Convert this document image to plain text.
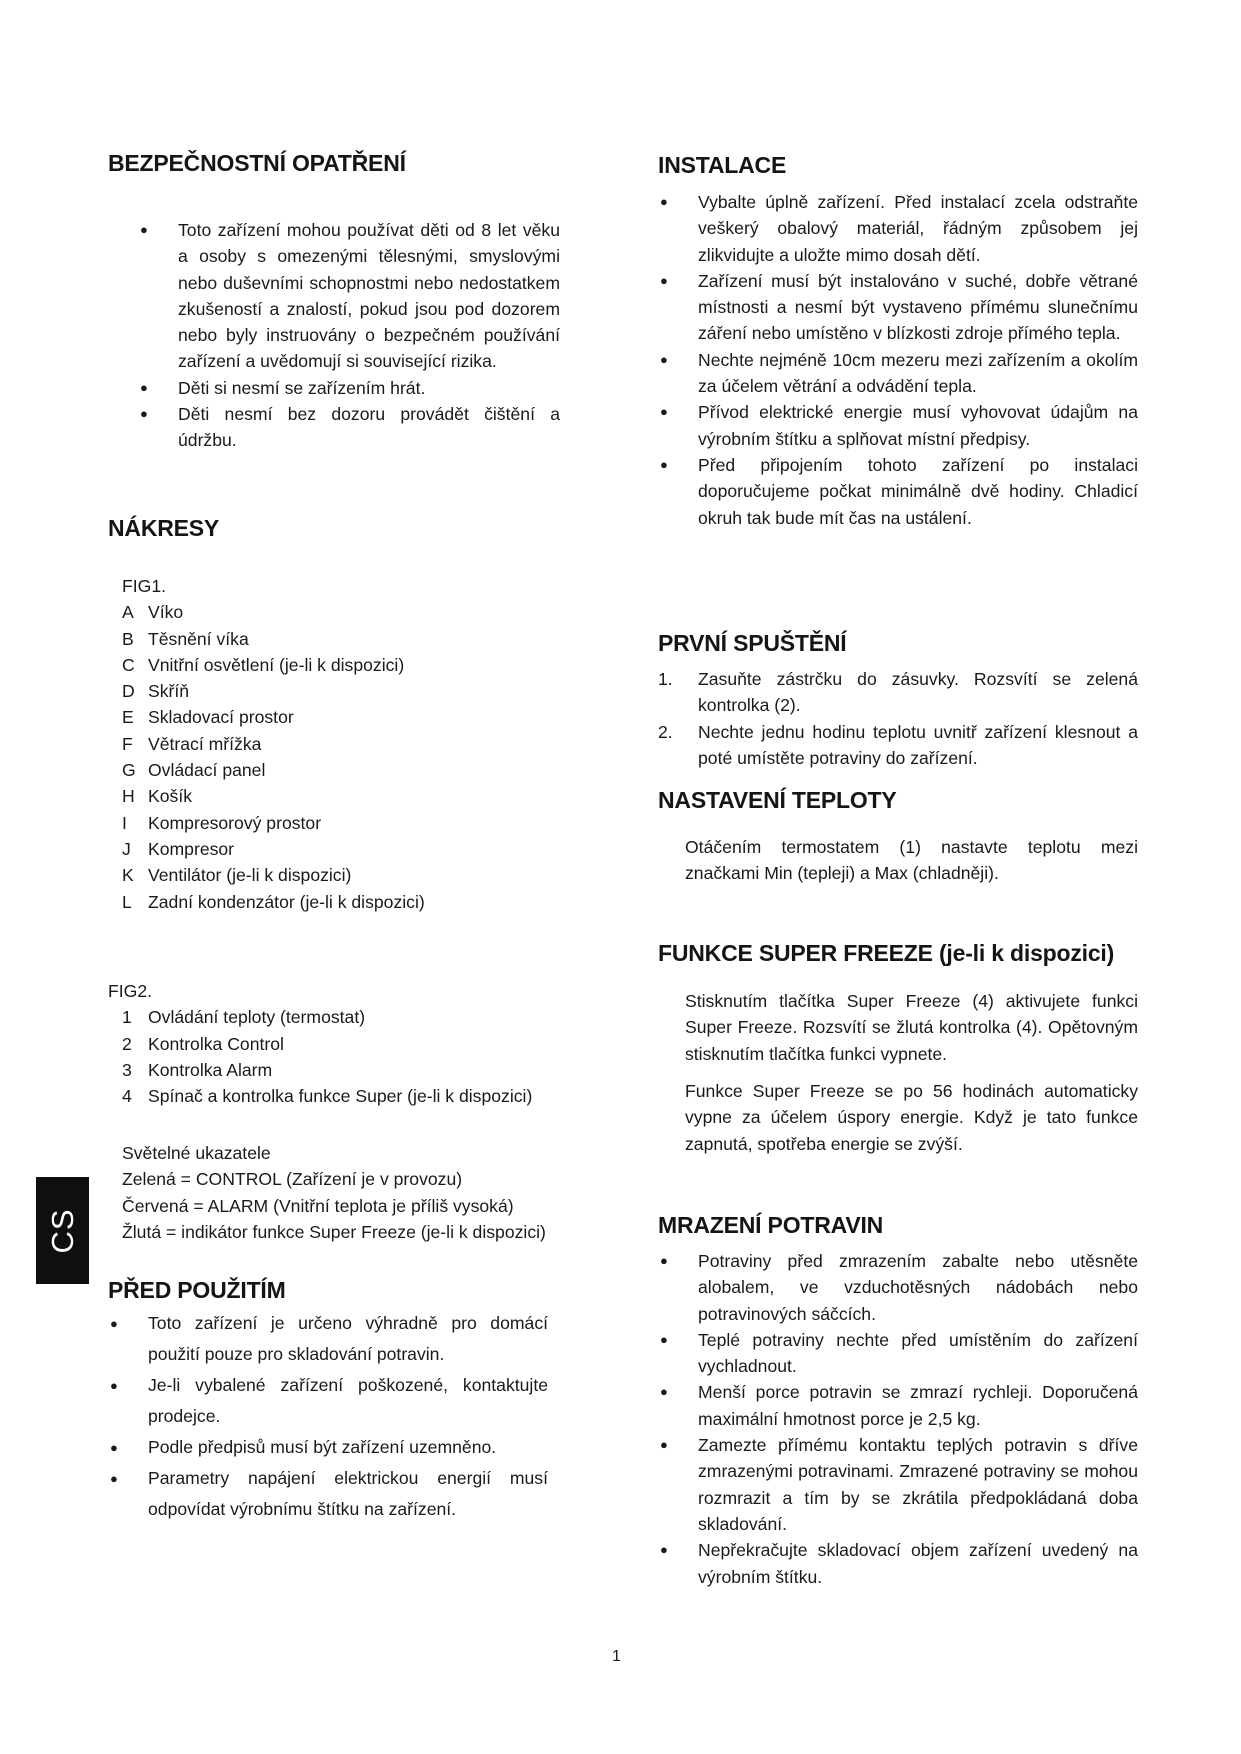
BEZPEČNOSTNÍ OPATŘENÍ
● Toto zařízení mohou používat děti od 8 let věku a osoby s omezenými tělesnými, smyslovými nebo duševními schopnostmi nebo nedostatkem zkušeností a znalostí, pokud jsou pod dozorem nebo byly instruovány o bezpečném používání zařízení a uvědomují si související rizika.
● Děti si nesmí se zařízením hrát.
● Děti nesmí bez dozoru provádět čištění a údržbu.
NÁKRESY

FIG1.

A Víko
B Těsnění víka
C Vnitřní osvětlení (je-li k dispozici)
D Skříň
E Skladovací prostor
F Větrací mřížka
G Ovládací panel
H Košík
I Kompresorový prostor
J Kompresor
K Ventilátor (je-li k dispozici)
L Zadní kondenzátor (je-li k dispozici)

FIG2.

1 Ovládání teploty (termostat)
2 Kontrolka Control
3 Kontrolka Alarm
4 Spínač a kontrolka funkce Super (je-li k dispozici)

Světelné ukazatele

Zelená = CONTROL (Zařízení je v provozu)

Červená = ALARM (Vnitřní teplota je příliš vysoká)

Žlutá = indikátor funkce Super Freeze (je-li k dispozici)

PŘED POUŽITÍM
● Toto zařízení je určeno výhradně pro domácí použití pouze pro skladování potravin.
● Je-li vybalené zařízení poškozené, kontaktujte prodejce.
● Podle předpisů musí být zařízení uzemněno.
● Parametry napájení elektrickou energií musí odpovídat výrobnímu štítku na zařízení.
INSTALACE
● Vybalte úplně zařízení. Před instalací zcela odstraňte veškerý obalový materiál, řádným způsobem jej zlikvidujte a uložte mimo dosah dětí.
● Zařízení musí být instalováno v suché, dobře větrané místnosti a nesmí být vystaveno přímému slunečnímu záření nebo umístěno v blízkosti zdroje přímého tepla.
● Nechte nejméně 10cm mezeru mezi zařízením a okolím za účelem větrání a odvádění tepla.
● Přívod elektrické energie musí vyhovovat údajům na výrobním štítku a splňovat místní předpisy.
● Před připojením tohoto zařízení po instalaci doporučujeme počkat minimálně dvě hodiny. Chladicí okruh tak bude mít čas na ustálení.
PRVNÍ SPUŠTĚNÍ
1. Zasuňte zástrčku do zásuvky. Rozsvítí se zelená kontrolka (2).
2. Nechte jednu hodinu teplotu uvnitř zařízení klesnout a poté umístěte potraviny do zařízení.
NASTAVENÍ TEPLOTY
Otáčením termostatem (1) nastavte teplotu mezi značkami Min (tepleji) a Max (chladněji).
FUNKCE SUPER FREEZE (je-li k dispozici)
Stisknutím tlačítka Super Freeze (4) aktivujete funkci Super Freeze. Rozsvítí se žlutá kontrolka (4). Opětovným stisknutím tlačítka funkci vypnete.
Funkce Super Freeze se po 56 hodinách automaticky vypne za účelem úspory energie. Když je tato funkce zapnutá, spotřeba energie se zvýší.
MRAZENÍ POTRAVIN
● Potraviny před zmrazením zabalte nebo utěsněte alobalem, ve vzduchotěsných nádobách nebo potravinových sáčcích.
● Teplé potraviny nechte před umístěním do zařízení vychladnout.
● Menší porce potravin se zmrazí rychleji. Doporučená maximální hmotnost porce je 2,5 kg.
● Zamezte přímému kontaktu teplých potravin s dříve zmrazenými potravinami. Zmrazené potraviny se mohou rozmrazit a tím by se zkrátila předpokládaná doba skladování.
● Nepřekračujte skladovací objem zařízení uvedený na výrobním štítku.
CS
1
